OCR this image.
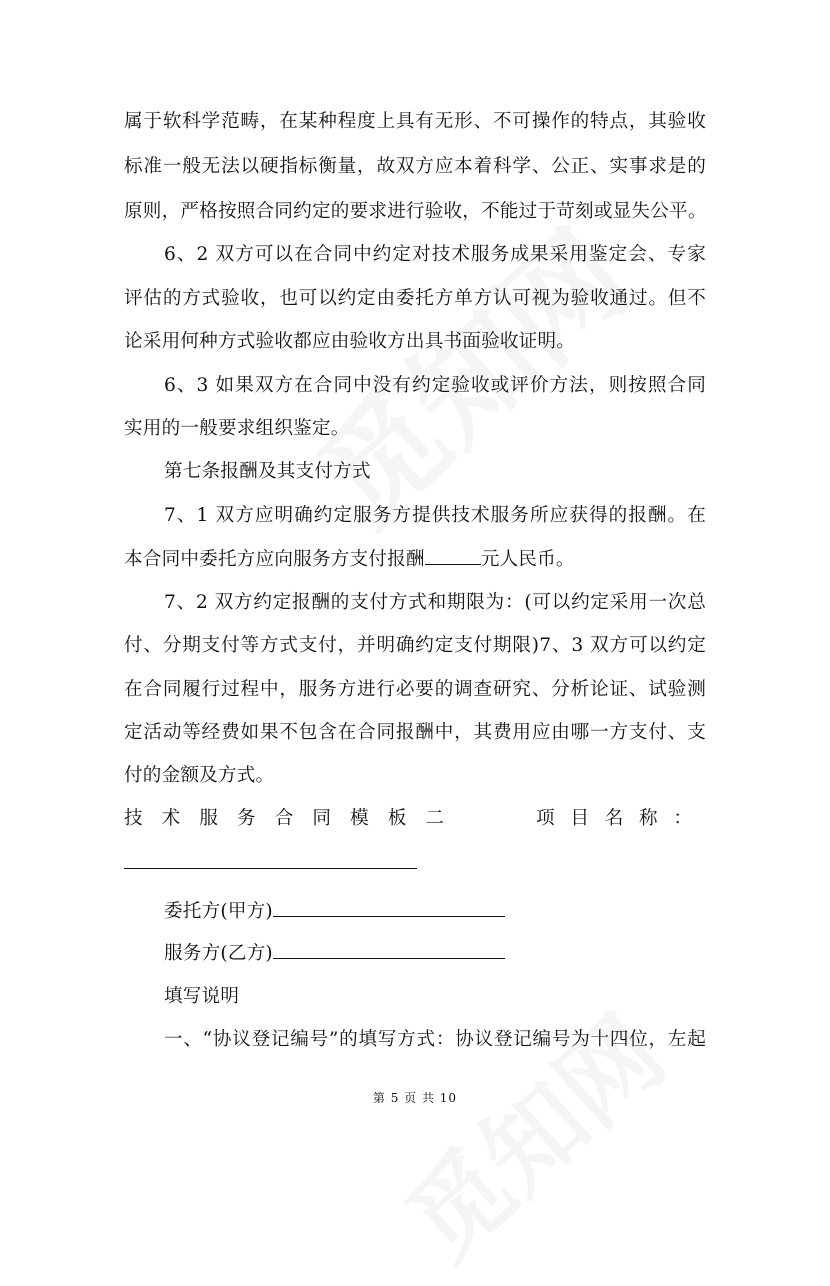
属于软科学范畴，在某种程度上具有无形、不可操作的特点，其验收
标准一般无法以硬指标衡量，故双方应本着科学、公正、实事求是的
原则，严格按照合同约定的要求进行验收，不能过于苛刻或显失公平。
6、2 双方可以在合同中约定对技术服务成果采用鉴定会、专家
评估的方式验收，也可以约定由委托方单方认可视为验收通过。但不
论采用何种方式验收都应由验收方出具书面验收证明。
6、3 如果双方在合同中没有约定验收或评价方法，则按照合同
实用的一般要求组织鉴定。
第七条报酬及其支付方式
7、1 双方应明确约定服务方提供技术服务所应获得的报酬。在
本合同中委托方应向服务方支付报酬	元人民币。
7、2 双方约定报酬的支付方式和期限为：(可以约定采用一次总
付、分期支付等方式支付，并明确约定支付期限)7、3 双方可以约定
在合同履行过程中，服务方进行必要的调查研究、分析论证、试验测
定活动等经费如果不包含在合同报酬中，其费用应由哪一方支付、支
付的金额及方式。
技术服务合同模板二	项目名称：
委托方(甲方)
服务方(乙方)
填写说明
一、“协议登记编号”的填写方式：协议登记编号为十四位，左起
第 5 页 共 10
